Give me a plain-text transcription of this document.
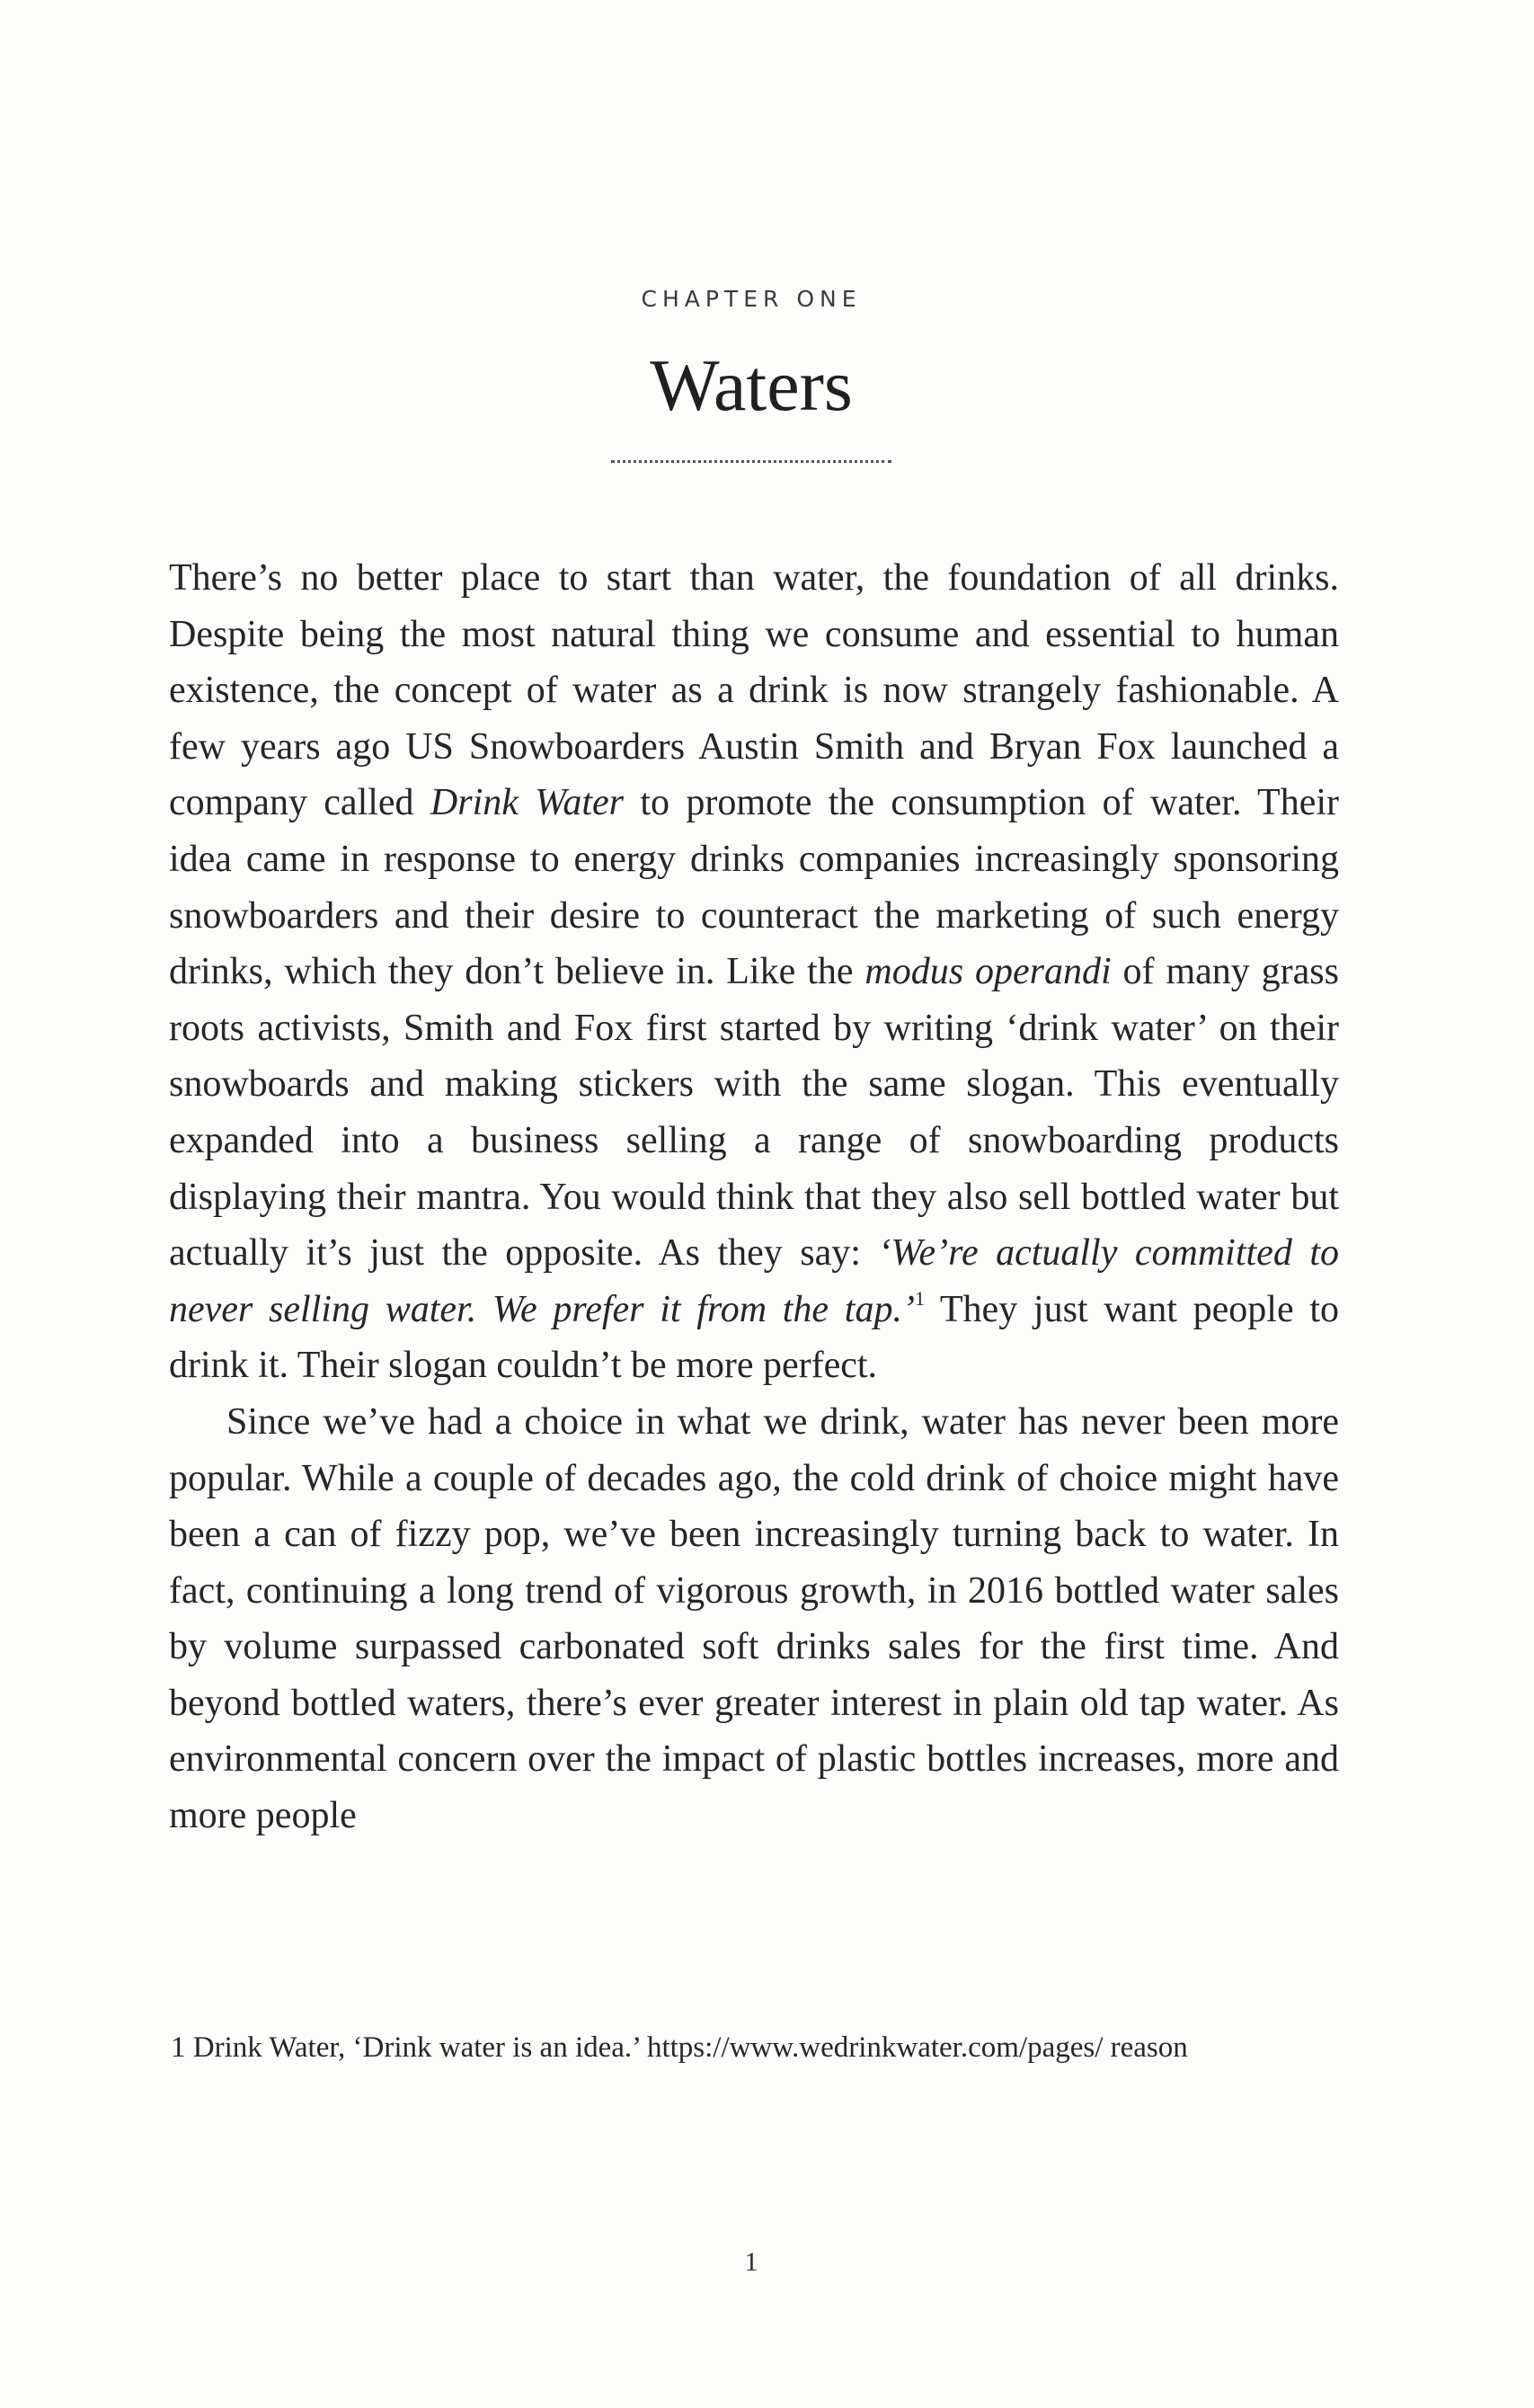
CHAPTER ONE
Waters

There’s no better place to start than water, the foundation of all drinks. Despite being the most natural thing we consume and essential to human existence, the concept of water as a drink is now strangely fashionable. A few years ago US Snowboarders Austin Smith and Bryan Fox launched a company called Drink Water to promote the consumption of water. Their idea came in response to energy drinks companies increasingly sponsoring snowboarders and their desire to counteract the marketing of such energy drinks, which they don’t believe in. Like the modus operandi of many grass roots activists, Smith and Fox first started by writing ‘drink water’ on their snowboards and making stickers with the same slogan. This eventually expanded into a business selling a range of snowboarding products displaying their mantra. You would think that they also sell bottled water but actually it’s just the opposite. As they say: ‘We’re actually committed to never selling water. We prefer it from the tap.’$^1$ They just want people to drink it. Their slogan couldn’t be more perfect.

Since we’ve had a choice in what we drink, water has never been more popular. While a couple of decades ago, the cold drink of choice might have been a can of fizzy pop, we’ve been increasingly turning back to water. In fact, continuing a long trend of vigorous growth, in 2016 bottled water sales by volume surpassed carbonated soft drinks sales for the first time. And beyond bottled waters, there’s ever greater interest in plain old tap water. As environmental concern over the impact of plastic bottles increases, more and more people

1 Drink Water, ‘Drink water is an idea.’ https://www.wedrinkwater.com/pages/ reason

1
